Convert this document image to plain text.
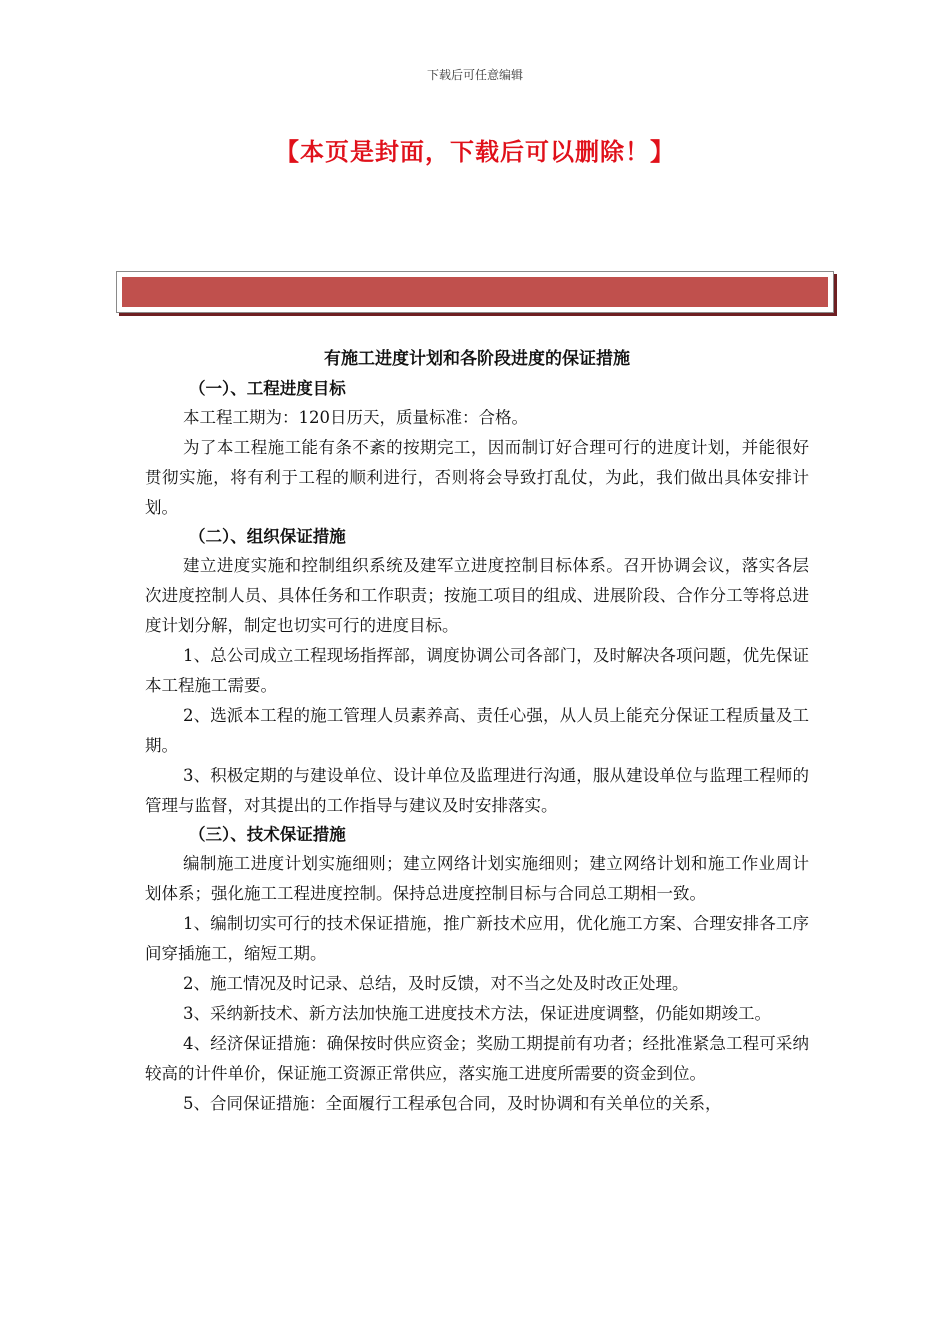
下载后可任意编辑
【本页是封面，下载后可以删除！】
有施工进度计划和各阶段进度的保证措施
（一）、工程进度目标

本工程工期为：120日历天，质量标准：合格。

为了本工程施工能有条不紊的按期完工，因而制订好合理可行的进度计划，并能很好贯彻实施，将有利于工程的顺利进行，否则将会导致打乱仗，为此，我们做出具体安排计划。

（二）、组织保证措施

建立进度实施和控制组织系统及建军立进度控制目标体系。召开协调会议，落实各层次进度控制人员、具体任务和工作职责；按施工项目的组成、进展阶段、合作分工等将总进度计划分解，制定也切实可行的进度目标。

1、总公司成立工程现场指挥部，调度协调公司各部门，及时解决各项问题，优先保证本工程施工需要。

2、选派本工程的施工管理人员素养高、责任心强，从人员上能充分保证工程质量及工期。

3、积极定期的与建设单位、设计单位及监理进行沟通，服从建设单位与监理工程师的管理与监督，对其提出的工作指导与建议及时安排落实。

（三）、技术保证措施

编制施工进度计划实施细则；建立网络计划实施细则；建立网络计划和施工作业周计划体系；强化施工工程进度控制。保持总进度控制目标与合同总工期相一致。

1、编制切实可行的技术保证措施，推广新技术应用，优化施工方案、合理安排各工序间穿插施工，缩短工期。

2、施工情况及时记录、总结，及时反馈，对不当之处及时改正处理。

3、采纳新技术、新方法加快施工进度技术方法，保证进度调整，仍能如期竣工。

4、经济保证措施：确保按时供应资金；奖励工期提前有功者；经批准紧急工程可采纳较高的计件单价，保证施工资源正常供应，落实施工进度所需要的资金到位。

5、合同保证措施：全面履行工程承包合同，及时协调和有关单位的关系，
